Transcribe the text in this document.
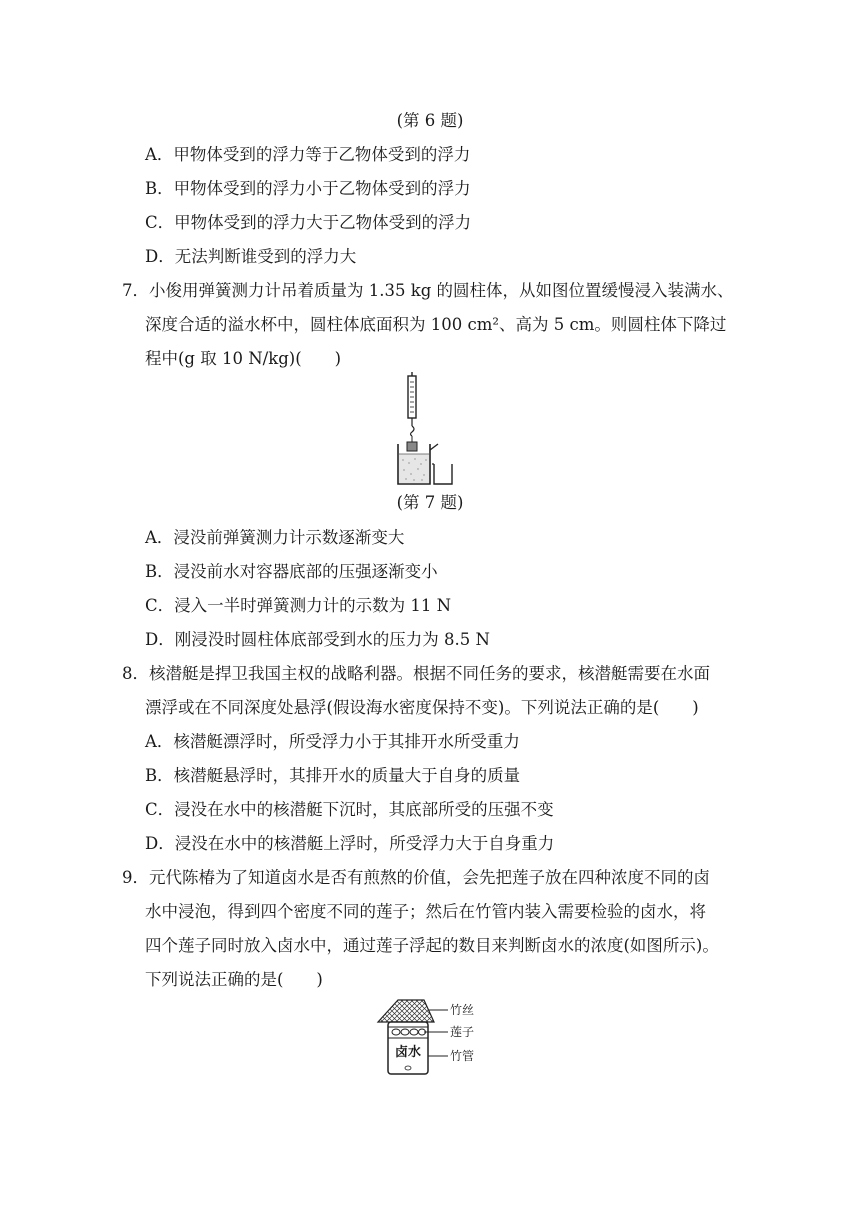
(第 6 题)
A．甲物体受到的浮力等于乙物体受到的浮力
B．甲物体受到的浮力小于乙物体受到的浮力
C．甲物体受到的浮力大于乙物体受到的浮力
D．无法判断谁受到的浮力大
7．小俊用弹簧测力计吊着质量为 1.35 kg 的圆柱体，从如图位置缓慢浸入装满水、
深度合适的溢水杯中，圆柱体底面积为 100 cm²、高为 5 cm。则圆柱体下降过
程中(g 取 10 N/kg)(　　)
(第 7 题)
A．浸没前弹簧测力计示数逐渐变大
B．浸没前水对容器底部的压强逐渐变小
C．浸入一半时弹簧测力计的示数为 11 N
D．刚浸没时圆柱体底部受到水的压力为 8.5 N
8．核潜艇是捍卫我国主权的战略利器。根据不同任务的要求，核潜艇需要在水面
漂浮或在不同深度处悬浮(假设海水密度保持不变)。下列说法正确的是(　　)
A．核潜艇漂浮时，所受浮力小于其排开水所受重力
B．核潜艇悬浮时，其排开水的质量大于自身的质量
C．浸没在水中的核潜艇下沉时，其底部所受的压强不变
D．浸没在水中的核潜艇上浮时，所受浮力大于自身重力
9．元代陈椿为了知道卤水是否有煎熬的价值，会先把莲子放在四种浓度不同的卤
水中浸泡，得到四个密度不同的莲子；然后在竹管内装入需要检验的卤水，将
四个莲子同时放入卤水中，通过莲子浮起的数目来判断卤水的浓度(如图所示)。
下列说法正确的是(　　)
卤水
竹丝
莲子
竹管
